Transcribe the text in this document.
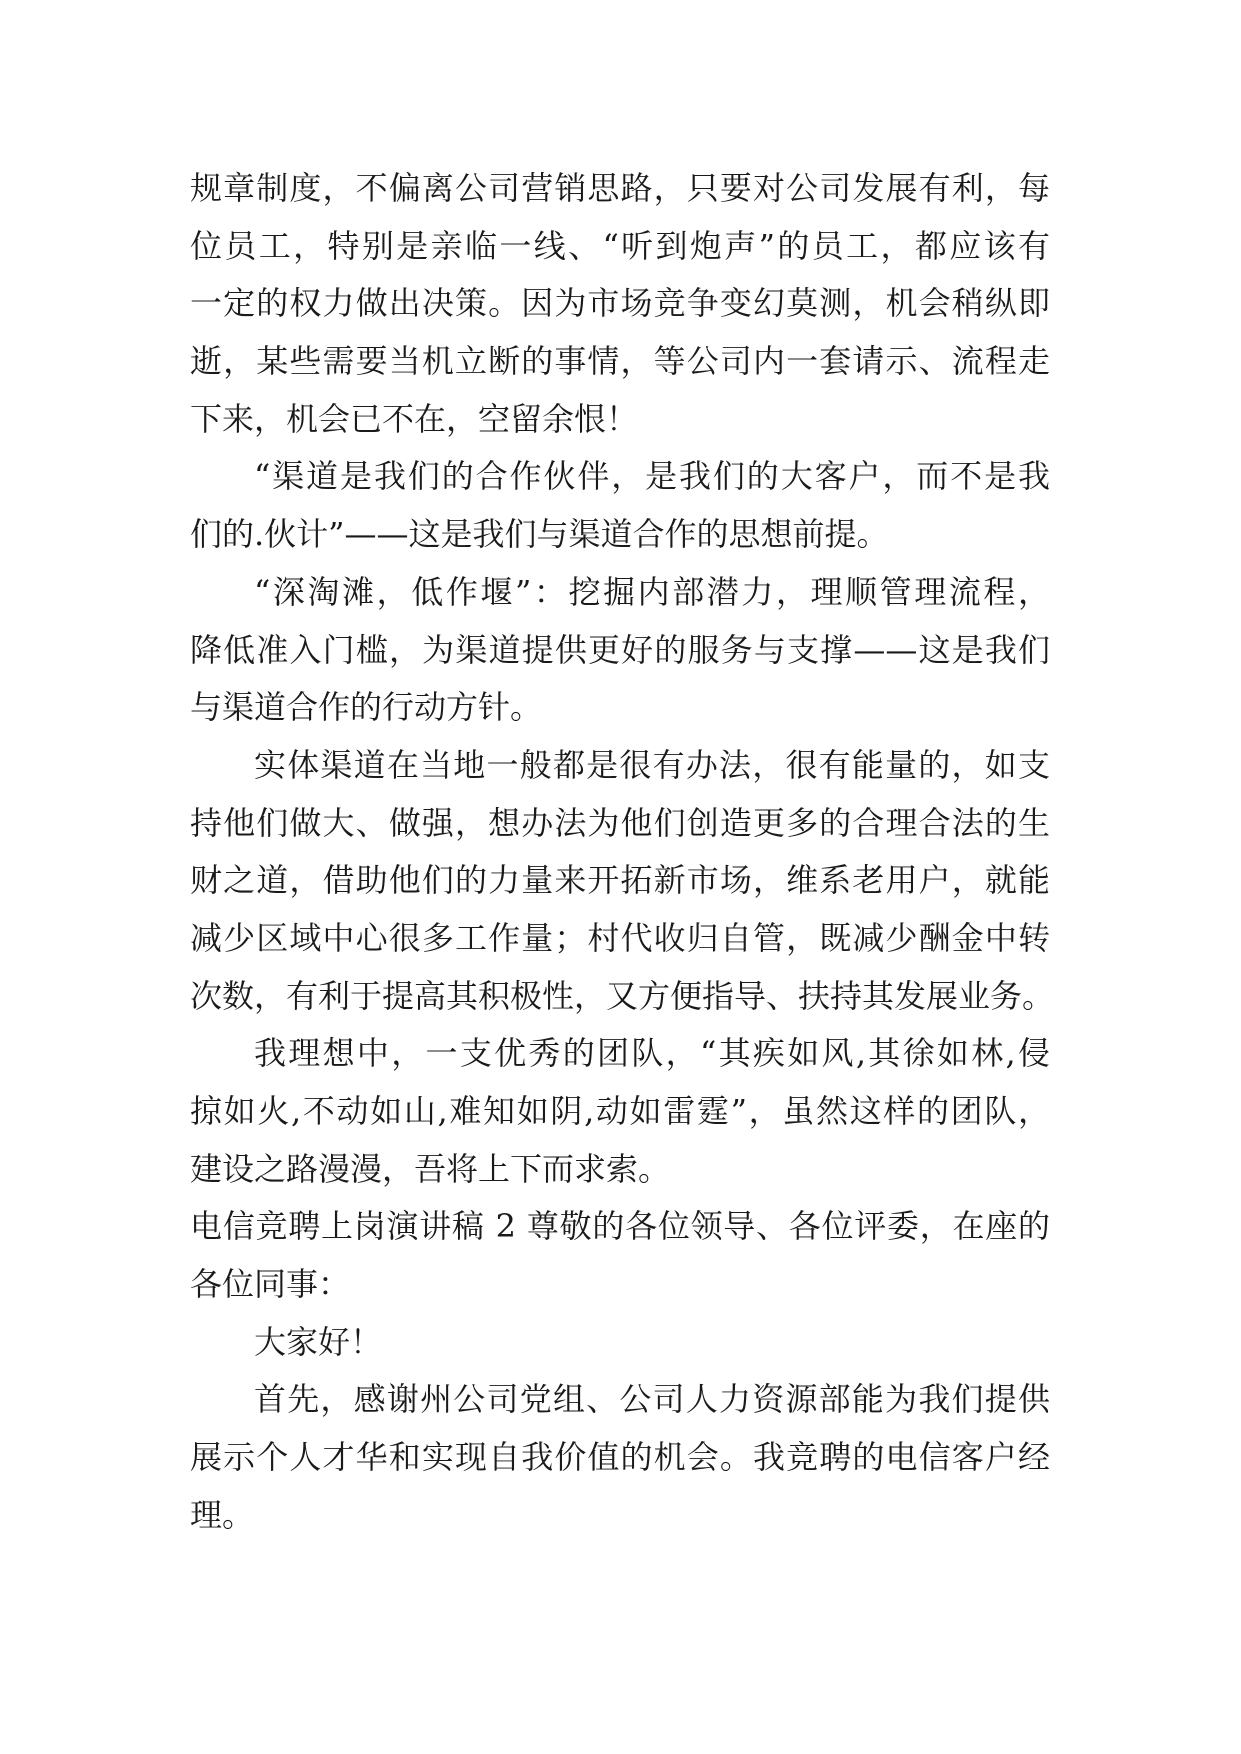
规章制度，不偏离公司营销思路，只要对公司发展有利，每
位员工，特别是亲临一线、“听到炮声”的员工，都应该有
一定的权力做出决策。因为市场竞争变幻莫测，机会稍纵即
逝，某些需要当机立断的事情，等公司内一套请示、流程走
下来，机会已不在，空留余恨！
“渠道是我们的合作伙伴，是我们的大客户，而不是我
们的.伙计”——这是我们与渠道合作的思想前提。
“深淘滩，低作堰”：挖掘内部潜力，理顺管理流程，
降低准入门槛，为渠道提供更好的服务与支撑——这是我们
与渠道合作的行动方针。
实体渠道在当地一般都是很有办法，很有能量的，如支
持他们做大、做强，想办法为他们创造更多的合理合法的生
财之道，借助他们的力量来开拓新市场，维系老用户，就能
减少区域中心很多工作量；村代收归自管，既减少酬金中转
次数，有利于提高其积极性，又方便指导、扶持其发展业务。
我理想中，一支优秀的团队，“其疾如风,其徐如林,侵
掠如火,不动如山,难知如阴,动如雷霆”，虽然这样的团队，
建设之路漫漫，吾将上下而求索。
电信竞聘上岗演讲稿 2 尊敬的各位领导、各位评委，在座的
各位同事：
大家好！
首先，感谢州公司党组、公司人力资源部能为我们提供
展示个人才华和实现自我价值的机会。我竞聘的电信客户经
理。
